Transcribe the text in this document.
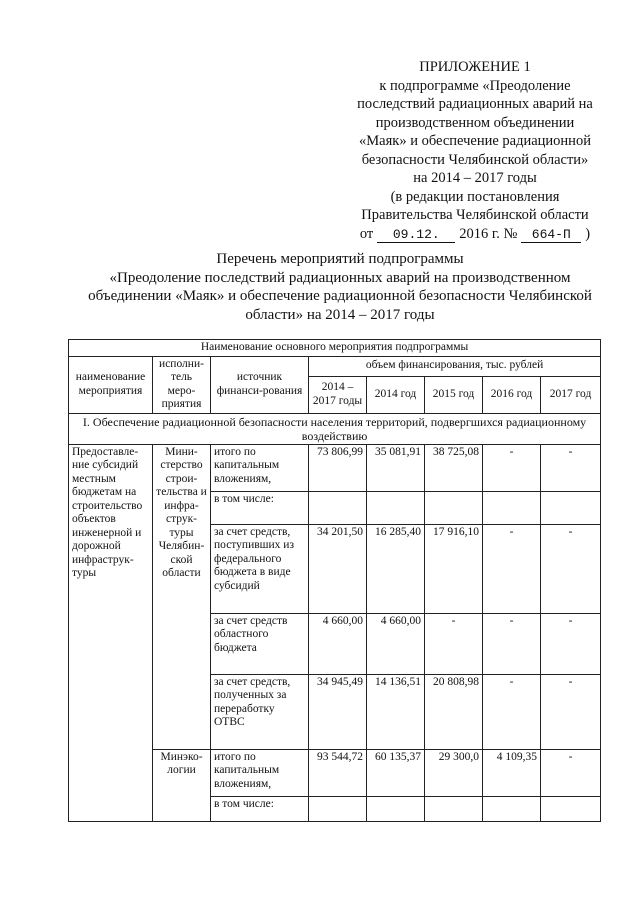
ПРИЛОЖЕНИЕ 1
к подпрограмме «Преодоление
последствий радиационных аварий на
производственном объединении
«Маяк» и обеспечение радиационной
безопасности Челябинской области»
на 2014 – 2017 годы
(в редакции постановления
Правительства Челябинской области
от	09.12.	2016 г. №	664-П	)
Перечень мероприятий подпрограммы
«Преодоление последствий радиационных аварий на производственном
объединении «Маяк» и обеспечение радиационной безопасности Челябинской
области» на 2014 – 2017 годы
Наименование основного мероприятия подпрограммы							
наименование мероприятия	исполни-тель меро-приятия	источник финанси-рования	объем финансирования, тыс. рублей				
			2014 – 2017 годы	2014 год	2015 год	2016 год	2017 год
I. Обеспечение радиационной безопасности населения территорий, подвергшихся радиационному воздействию							
Предоставле-ние субсидий местным бюджетам на строительство объектов инженерной и дорожной инфраструк-туры	Мини-стерство строи-тельства и инфра-струк-туры Челябин-ской области	итого по капитальным вложениям,	73 806,99	35 081,91	38 725,08	-	-
		в том числе:					
		за счет средств, поступивших из федерального бюджета в виде субсидий	34 201,50	16 285,40	17 916,10	-	-
		за счет средств областного бюджета	4 660,00	4 660,00	-	-	-
		за счет средств, полученных за переработку ОТВС	34 945,49	14 136,51	20 808,98	-	-
	Минэко-логии	итого по капитальным вложениям,	93 544,72	60 135,37	29 300,0	4 109,35	-
		в том числе:					
